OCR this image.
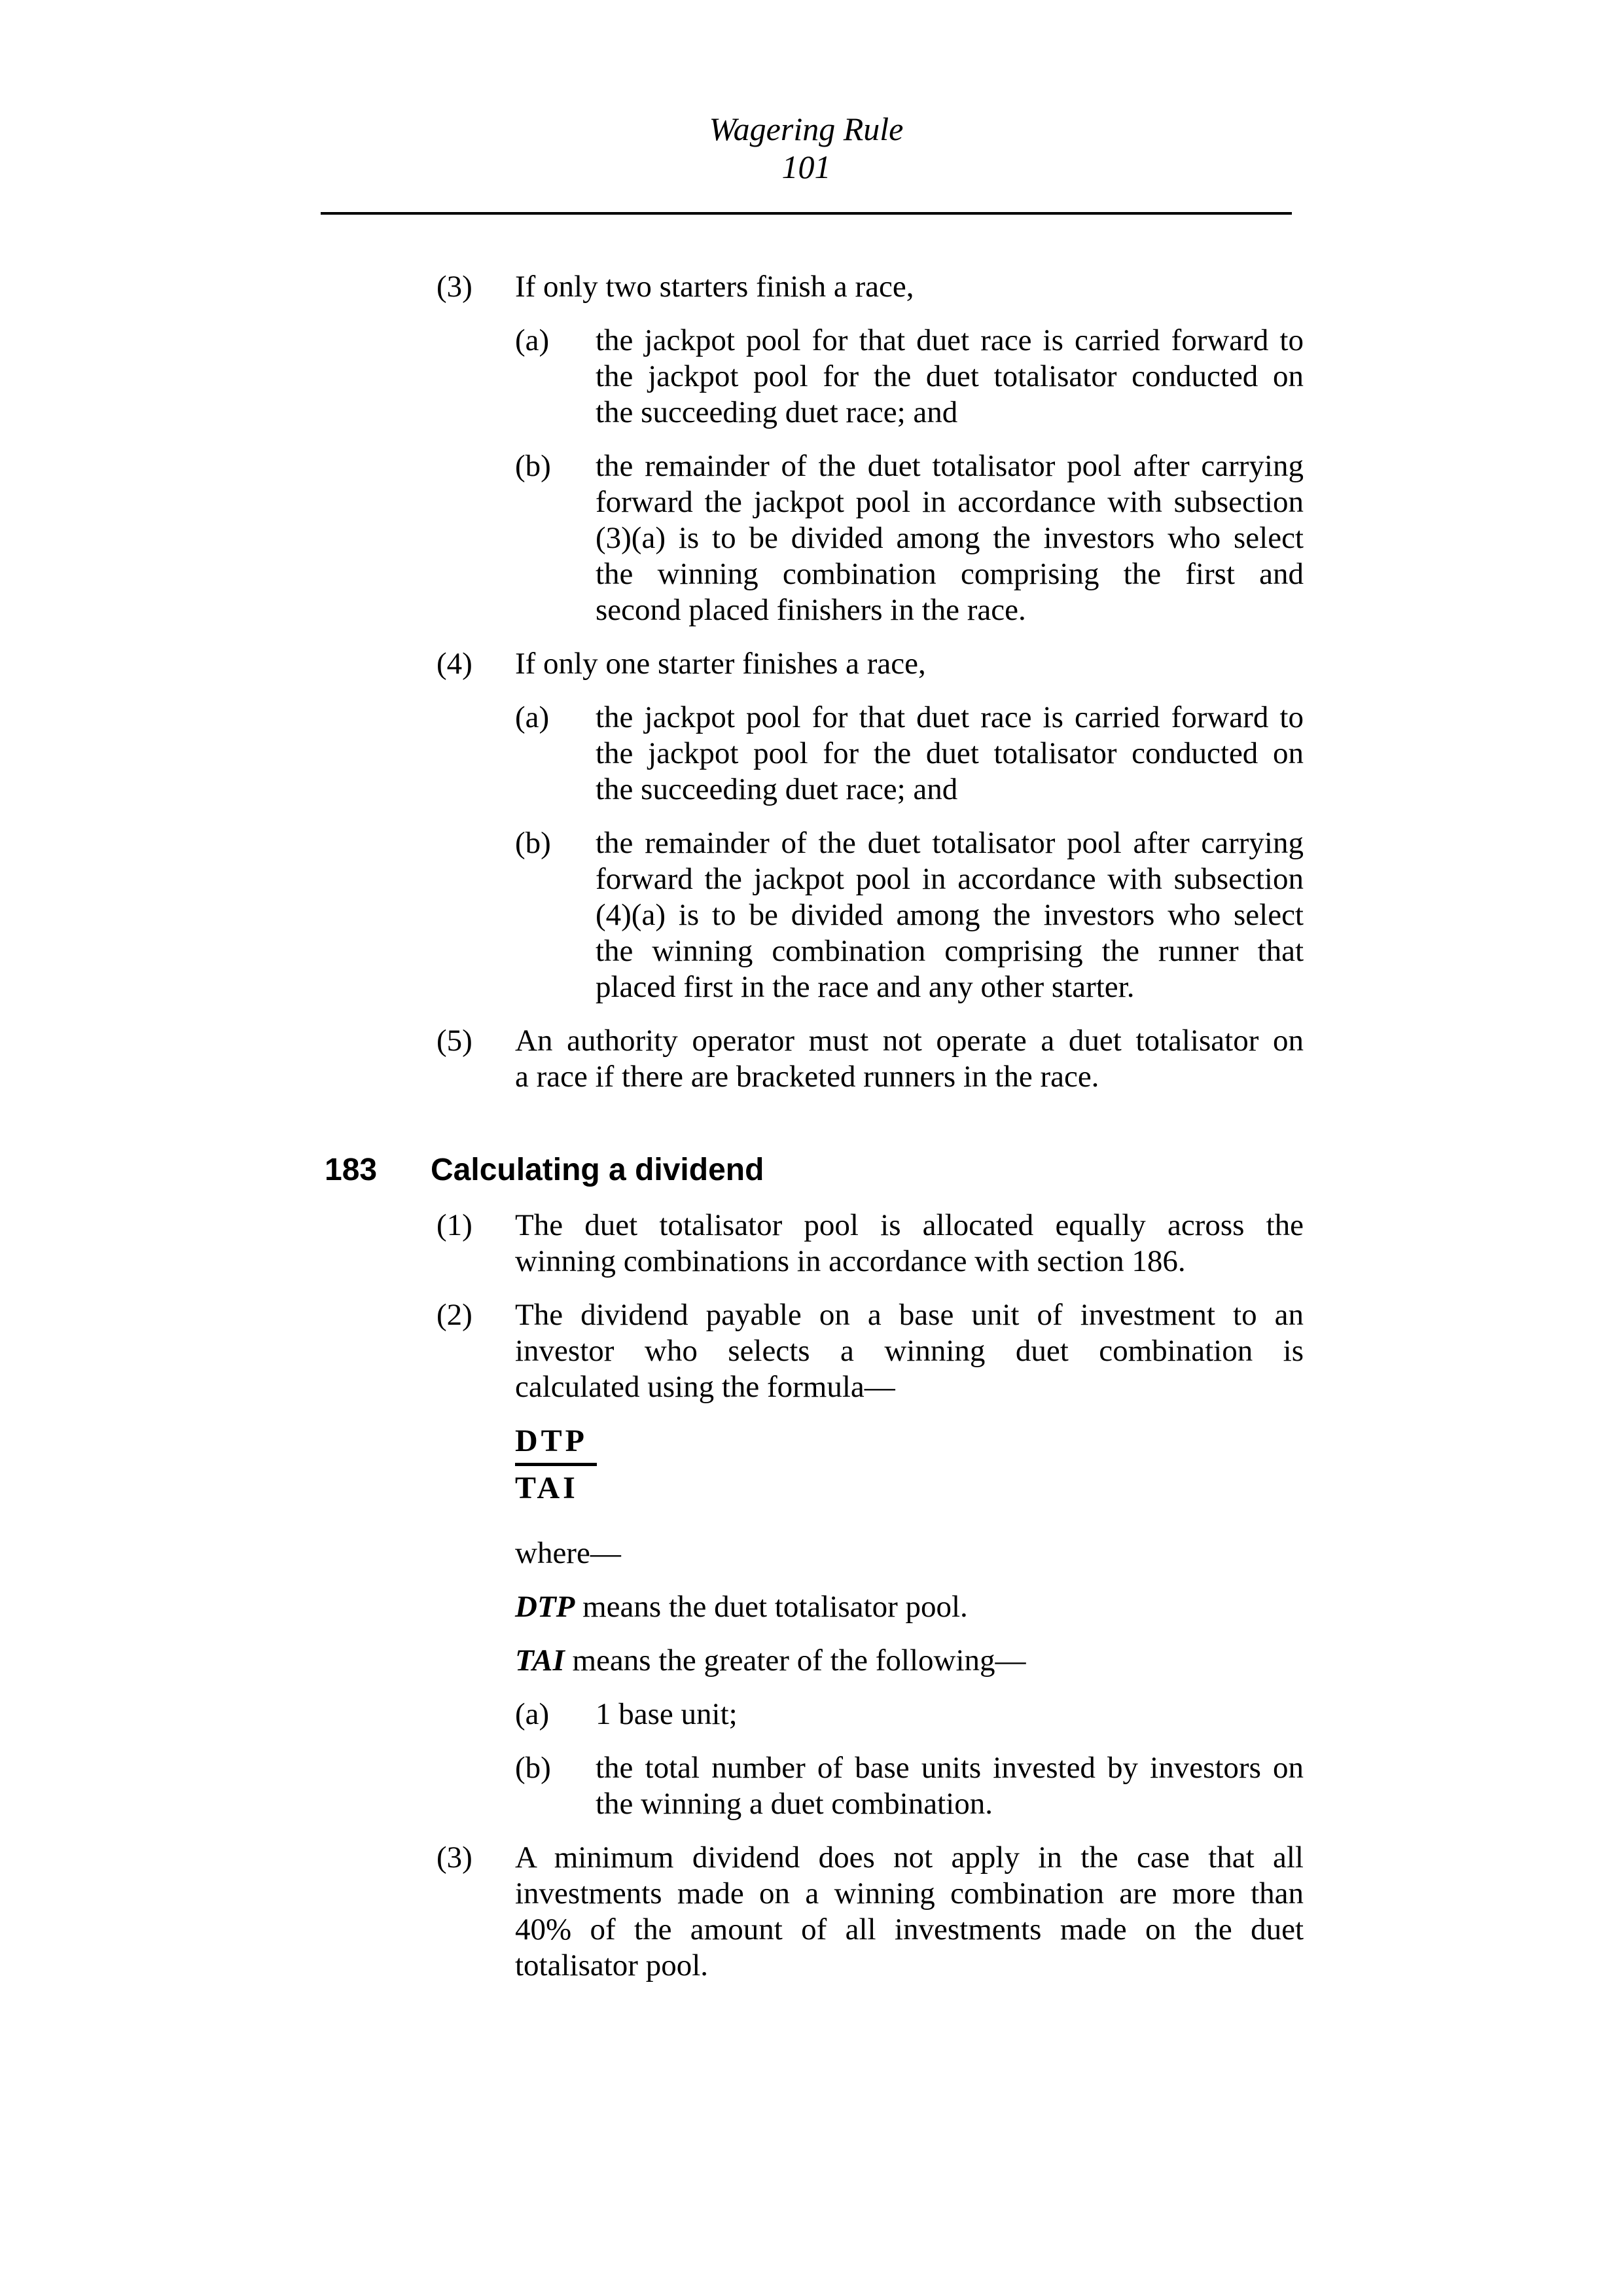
Wagering Rule
101
(3)	If only two starters finish a race,
(a)	the jackpot pool for that duet race is carried forward to
the jackpot pool for the duet totalisator conducted on
the succeeding duet race; and
(b)	the remainder of the duet totalisator pool after carrying
forward the jackpot pool in accordance with subsection
(3)(a) is to be divided among the investors who select
the winning combination comprising the first and
second placed finishers in the race.
(4)	If only one starter finishes a race,
(a)	the jackpot pool for that duet race is carried forward to
the jackpot pool for the duet totalisator conducted on
the succeeding duet race; and
(b)	the remainder of the duet totalisator pool after carrying
forward the jackpot pool in accordance with subsection
(4)(a) is to be divided among the investors who select
the winning combination comprising the runner that
placed first in the race and any other starter.
(5)	An authority operator must not operate a duet totalisator on
a race if there are bracketed runners in the race.
183	Calculating a dividend
(1)	The duet totalisator pool is allocated equally across the
winning combinations in accordance with section 186.
(2)	The dividend payable on a base unit of investment to an
investor who selects a winning duet combination is
calculated using the formula—
DTP
TAI
where—
DTP means the duet totalisator pool.
TAI means the greater of the following—
(a)	1 base unit;
(b)	the total number of base units invested by investors on
the winning a duet combination.
(3)	A minimum dividend does not apply in the case that all
investments made on a winning combination are more than
40% of the amount of all investments made on the duet
totalisator pool.
